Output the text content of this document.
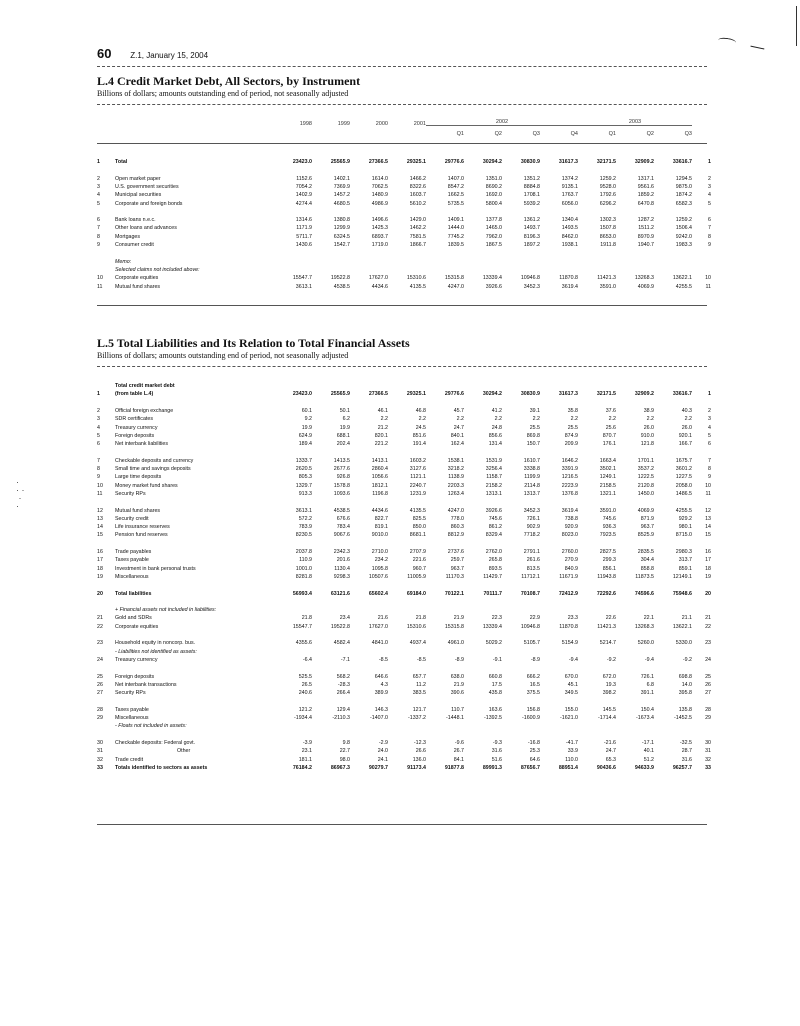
60 Z.1, January 15, 2004
·
· ·
·
·
L.4 Credit Market Debt, All Sectors, by Instrument
Billions of dollars; amounts outstanding end of period, not seasonally adjusted
1998	1999	2000	2001
Q1	Q2	Q3	Q4	Q1	Q2	Q3
2002	2003
1	Total	23423.0	25565.9	27366.5	29325.1	29776.6	30294.2	30830.9	31617.3	32171.5	32909.2	33616.7	1
2	Open market paper	1152.6	1402.1	1614.0	1466.2	1407.0	1351.0	1351.2	1374.2	1259.2	1317.1	1294.5	2
3	U.S. government securities	7054.2	7369.9	7062.5	8322.6	8547.2	8690.2	8884.8	9135.1	9528.0	9561.6	9875.0	3
4	Municipal securities	1402.9	1457.2	1480.9	1603.7	1662.5	1692.0	1708.1	1763.7	1792.6	1859.2	1874.2	4
5	Corporate and foreign bonds	4274.4	4680.5	4986.9	5610.2	5735.5	5800.4	5939.2	6056.0	6296.2	6470.8	6582.3	5
6	Bank loans n.e.c.	1314.6	1380.8	1496.6	1429.0	1409.1	1377.8	1361.2	1340.4	1302.3	1287.2	1259.2	6
7	Other loans and advances	1171.9	1299.9	1425.3	1462.2	1444.0	1465.0	1493.7	1493.5	1507.8	1511.2	1506.4	7
8	Mortgages	5711.7	6324.5	6893.7	7581.5	7745.2	7962.0	8196.3	8462.0	8653.0	8970.9	9242.0	8
9	Consumer credit	1430.6	1542.7	1719.0	1866.7	1839.5	1867.5	1897.2	1938.1	1911.8	1940.7	1983.3	9
Memo:
Selected claims not included above:
10	Corporate equities	15547.7	19522.8	17627.0	15310.6	15315.8	13339.4	10946.8	11870.8	11421.3	13268.3	13622.1	10
11	Mutual fund shares	3613.1	4538.5	4434.6	4135.5	4247.0	3926.6	3452.3	3619.4	3591.0	4069.9	4255.5	11
L.5 Total Liabilities and Its Relation to Total Financial Assets
Billions of dollars; amounts outstanding end of period, not seasonally adjusted
Total credit market debt
1	(from table L.4)	23423.0	25565.9	27366.5	29325.1	29776.6	30294.2	30830.9	31617.3	32171.5	32909.2	33616.7	1
2	Official foreign exchange	60.1	50.1	46.1	46.8	45.7	41.2	39.1	35.8	37.6	38.9	40.3	2
3	SDR certificates	9.2	6.2	2.2	2.2	2.2	2.2	2.2	2.2	2.2	2.2	2.2	3
4	Treasury currency	19.9	19.9	21.2	24.5	24.7	24.8	25.5	25.5	25.6	26.0	26.0	4
5	Foreign deposits	624.9	688.1	820.1	851.6	840.1	856.6	869.8	874.9	870.7	910.0	920.1	5
6	Net interbank liabilities	189.4	202.4	221.2	191.4	162.4	131.4	150.7	209.9	176.1	121.8	166.7	6
7	Checkable deposits and currency	1333.7	1413.5	1413.1	1603.2	1538.1	1531.9	1610.7	1646.2	1663.4	1701.1	1675.7	7
8	Small time and savings deposits	2620.5	2677.6	2860.4	3127.6	3218.2	3256.4	3338.8	3391.9	3502.1	3537.2	3601.2	8
9	Large time deposits	805.3	926.8	1056.6	1121.1	1138.9	1158.7	1199.9	1216.5	1249.1	1222.5	1227.5	9
10	Money market fund shares	1329.7	1578.8	1812.1	2240.7	2203.3	2158.2	2114.8	2223.9	2158.5	2120.8	2058.0	10
11	Security RPs	913.3	1093.6	1196.8	1231.9	1263.4	1313.1	1313.7	1376.8	1321.1	1450.0	1486.5	11
12	Mutual fund shares	3613.1	4538.5	4434.6	4135.5	4247.0	3926.6	3452.3	3619.4	3591.0	4069.9	4255.5	12
13	Security credit	572.2	676.6	822.7	825.5	778.0	745.6	726.1	738.8	745.6	871.9	929.2	13
14	Life insurance reserves	783.9	783.4	819.1	850.0	860.3	861.2	902.9	920.9	936.3	963.7	980.1	14
15	Pension fund reserves	8230.5	9067.6	9010.0	8681.1	8812.9	8329.4	7718.2	8023.0	7923.5	8525.9	8715.0	15
16	Trade payables	2037.8	2342.3	2710.0	2707.9	2737.6	2762.0	2791.1	2760.0	2827.5	2835.5	2980.3	16
17	Taxes payable	110.9	201.6	234.2	221.6	259.7	265.8	261.6	270.9	299.3	304.4	313.7	17
18	Investment in bank personal trusts	1001.0	1130.4	1095.8	960.7	963.7	893.5	813.5	840.9	856.1	858.8	859.1	18
19	Miscellaneous	8281.8	9298.3	10507.6	11005.9	11170.3	11429.7	11712.1	11671.9	11943.8	11873.5	12149.1	19
20	Total liabilities	56993.4	63121.6	65602.4	69184.0	70122.1	70111.7	70108.7	72412.9	72292.6	74596.6	75948.6	20
+ Financial assets not included in liabilities:
21	Gold and SDRs	21.8	23.4	21.6	21.8	21.9	22.3	22.9	23.3	22.6	22.1	21.1	21
22	Corporate equities	15547.7	19522.8	17627.0	15310.6	15315.8	13339.4	10946.8	11870.8	11421.3	13268.3	13622.1	22
23	Household equity in noncorp. bus.	4355.6	4582.4	4841.0	4937.4	4961.0	5029.2	5105.7	5154.9	5214.7	5260.0	5330.0	23
- Liabilities not identified as assets:
24	Treasury currency	-6.4	-7.1	-8.5	-8.5	-8.9	-9.1	-8.9	-9.4	-9.2	-9.4	-9.2	24
25	Foreign deposits	525.5	568.2	646.6	657.7	638.0	660.8	666.2	670.0	672.0	726.1	698.8	25
26	Net interbank transactions	26.5	-28.3	4.3	11.2	21.9	17.5	16.5	45.1	19.3	6.8	14.0	26
27	Security RPs	240.6	266.4	389.9	383.5	390.6	435.8	375.5	349.5	398.2	391.1	395.8	27
28	Taxes payable	121.2	129.4	146.3	121.7	110.7	163.6	156.8	155.0	145.5	150.4	135.8	28
29	Miscellaneous	-1934.4	-2110.3	-1407.0	-1337.2	-1448.1	-1392.5	-1600.9	-1621.0	-1714.4	-1673.4	-1452.5	29
- Floats not included in assets:
30	Checkable deposits: Federal govt.	-3.9	9.8	-2.9	-12.3	-9.6	-9.3	-16.8	-41.7	-21.6	-17.1	-32.5	30
31	Other	23.1	22.7	24.0	26.6	26.7	31.6	25.3	33.9	24.7	40.1	28.7	31
32	Trade credit	181.1	98.0	24.1	136.0	84.1	51.6	64.6	110.0	65.3	51.2	31.6	32
33	Totals identified to sectors as assets	76184.2	86967.3	90279.7	91173.4	91877.8	89991.3	87656.7	88951.4	90436.6	94633.9	96257.7	33
